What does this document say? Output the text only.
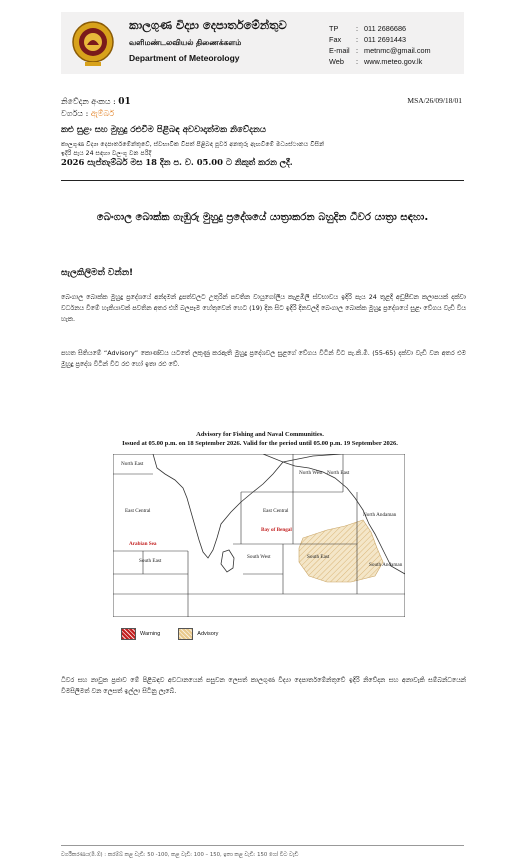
කාලගුණ විද්‍යා දෙපාර්තමේන්තුව
வளிமண்டலவியல் திணைக்களம்
Department of Meteorology
TP	: 011 2686686
Fax	: 011 2691443
E-mail : metnmc@gmail.com
Web	: www.meteo.gov.lk
නිවේදන අංකය : 01
වර්ගය : ඇම්බර්
MSA/26/09/18/01
කළු සුළං සහ මුහුදු රළුවීම පිළිබඳ අවවාදාත්මක නිවේදනය
කාලගුණ විද්‍යා දෙපාර්තමේන්තුවේ, ස්වභාවික විපත් පිළිබඳ පූර්ව අනතුරු ඇඟවීමේ මධ්‍යස්ථානය විසින්
ඉදිරි පැය 24 සඳහා වලංගු වන පරිදි
2026 සැප්තැම්බර් මස 18 දින ප. ව. 05.00 ට නිකුත් කරන ලදී.
බෙංගාල බොක්ක ගැඹුරු මුහුදු ප්‍රදේශයේ යාත්‍රාකරන බහුදින ධීවර යාත්‍රා සඳහා.
සැලකිලිමත් වන්න!
බෙංගාල බොක්ක මුහුදු ප්‍රදේශයේ අන්දමන් දූපත්වලට උතුරින් පවතින වායුගෝලීය කැළඹිලි ස්වභාවය ඉදිරි පැය 24 තුළදී අඩුපීඩන කලාපයක් දක්වා වර්ධනය වීමේ හැකියාවක් පවතින අතර එහි බලපෑම හේතුවෙන් හෙට (19) දින සිට ඉදිරි දිනවලදී බෙංගාල බොක්ක මුහුදු ප්‍රදේශයේ සුළං වේගය වැඩි විය හැක.
පහත සිතියමේ “Advisory” කොණ්ඩය යටතේ ලකුණු කරඇති මුහුදු ප්‍රදේශවල සුළගේ වේගය විටින් විට පැ.කි.මී. (55-65) දක්වා වැඩි වන අතර එම මුහුදු ප්‍රදේශ විටින් විට රළු හෝ ඉතා රළු වේ.
Advisory for Fishing and Naval Communities.
Issued at 05.00 p.m. on 18 September 2026. Valid for the period until 05.00 p.m. 19 September 2026.
North East
East Central
Arabian Sea
South East
North West North East
East Central
Bay of Bengal
South West	South East
North Andaman
South Andaman
Warning	Advisory
ධීවර සහ නාවුක ප්‍රජාව මේ පිළිබඳව අවධානයෙන් පසුවන ලෙසත් කාලගුණ විද්‍යා දෙපාර්තමේන්තුවේ ඉදිරි නිවේදන සහ අනාවැකි සම්බන්ධයෙන් විමසිලිමත් වන ලෙසත් ඉල්ලා සිටිනු ලැබේ.
වර්ගීකරණය(මී.ඕ) : කරම්බ් කළ වැඩි: 50 -100, කළ වැඩි: 100 – 150, ඉතා කළ වැඩි: 150 ගෝ වීට වැඩි
